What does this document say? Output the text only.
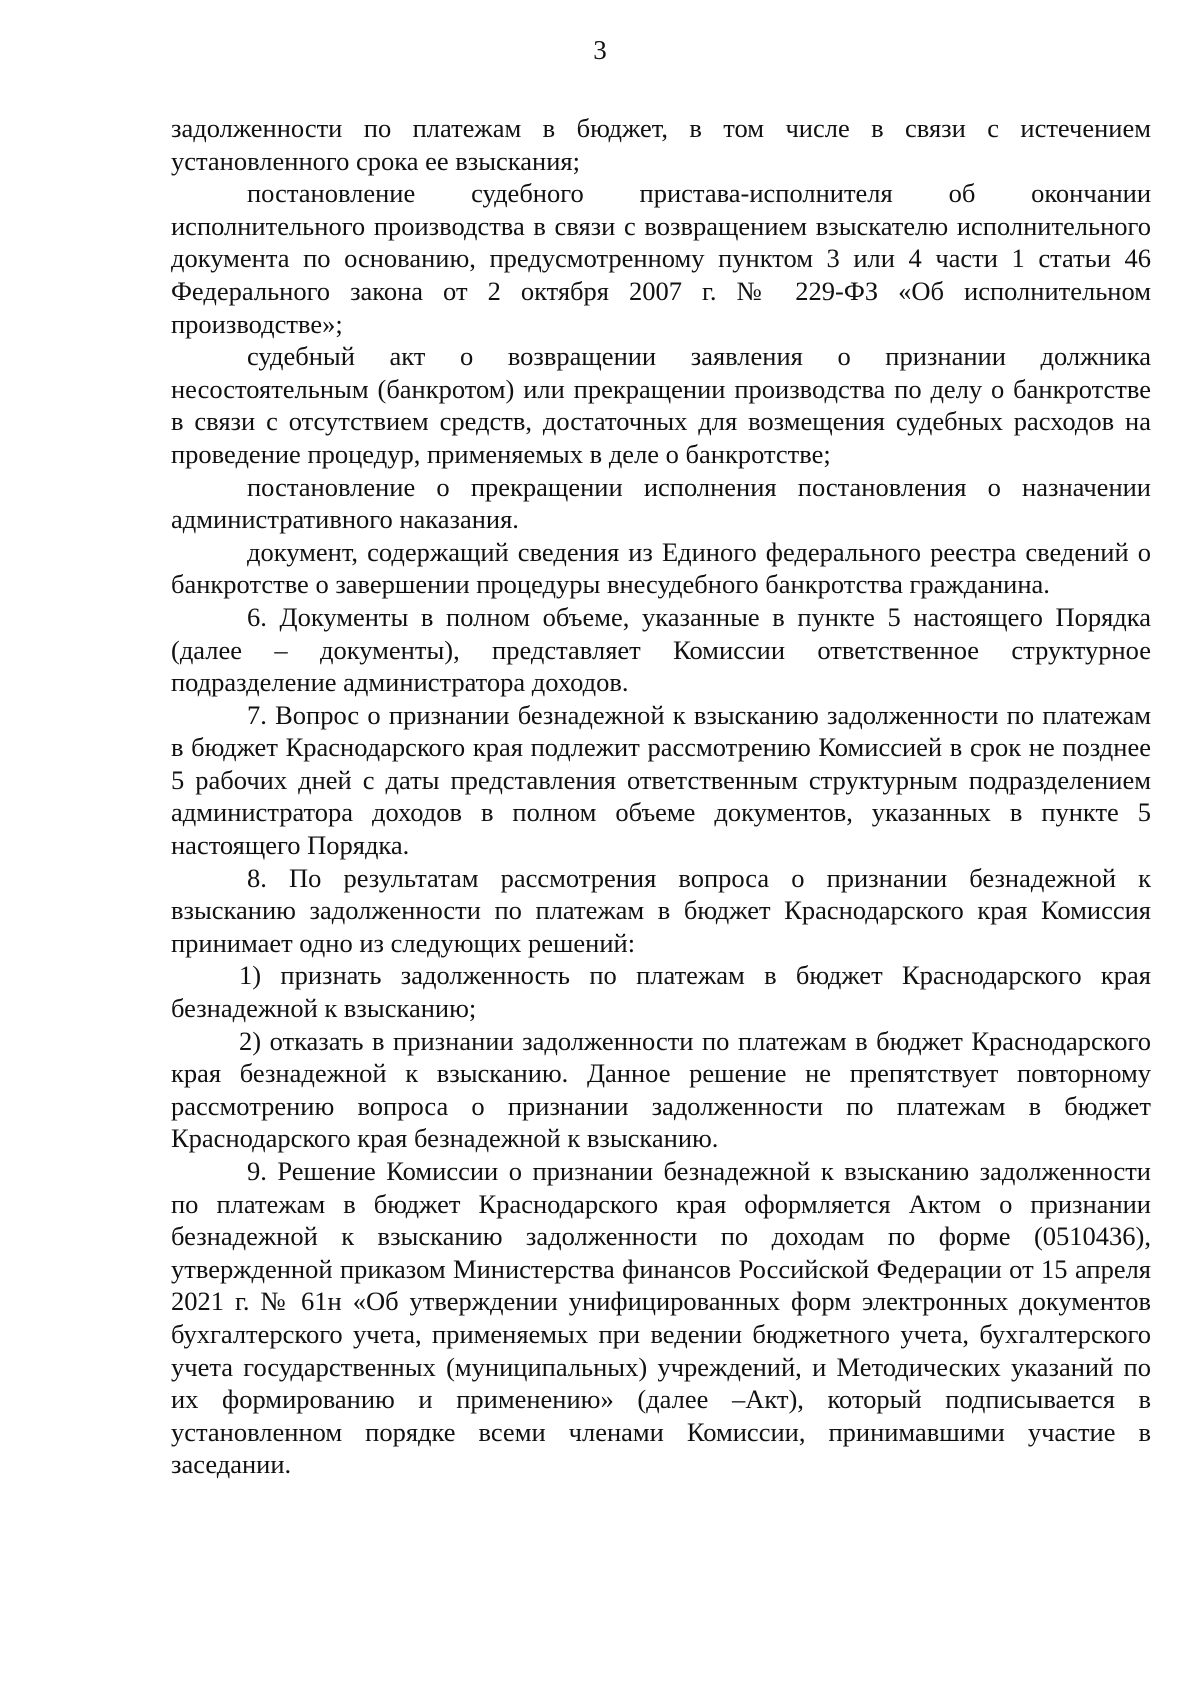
3

задолженности по платежам в бюджет, в том числе в связи с истечением установленного срока ее взыскания;

постановление судебного пристава-исполнителя об окончании исполнительного производства в связи с возвращением взыскателю исполнительного документа по основанию, предусмотренному пунктом 3 или 4 части 1 статьи 46 Федерального закона от 2 октября 2007 г. № 229-ФЗ «Об исполнительном производстве»;

судебный акт о возвращении заявления о признании должника несостоятельным (банкротом) или прекращении производства по делу о банкротстве в связи с отсутствием средств, достаточных для возмещения судебных расходов на проведение процедур, применяемых в деле о банкротстве;

постановление о прекращении исполнения постановления о назначении административного наказания.

документ, содержащий сведения из Единого федерального реестра сведений о банкротстве о завершении процедуры внесудебного банкротства гражданина.

6. Документы в полном объеме, указанные в пункте 5 настоящего Порядка (далее – документы), представляет Комиссии ответственное структурное подразделение администратора доходов.

7. Вопрос о признании безнадежной к взысканию задолженности по платежам в бюджет Краснодарского края подлежит рассмотрению Комиссией в срок не позднее 5 рабочих дней с даты представления ответственным структурным подразделением администратора доходов в полном объеме документов, указанных в пункте 5 настоящего Порядка.

8. По результатам рассмотрения вопроса о признании безнадежной к взысканию задолженности по платежам в бюджет Краснодарского края Комиссия принимает одно из следующих решений:

1) признать задолженность по платежам в бюджет Краснодарского края безнадежной к взысканию;

2) отказать в признании задолженности по платежам в бюджет Краснодарского края безнадежной к взысканию. Данное решение не препятствует повторному рассмотрению вопроса о признании задолженности по платежам в бюджет Краснодарского края безнадежной к взысканию.

9. Решение Комиссии о признании безнадежной к взысканию задолженности по платежам в бюджет Краснодарского края оформляется Актом о признании безнадежной к взысканию задолженности по доходам по форме (0510436), утвержденной приказом Министерства финансов Российской Федерации от 15 апреля 2021 г. № 61н «Об утверждении унифицированных форм электронных документов бухгалтерского учета, применяемых при ведении бюджетного учета, бухгалтерского учета государственных (муниципальных) учреждений, и Методических указаний по их формированию и применению» (далее –Акт), который подписывается в установленном порядке всеми членами Комиссии, принимавшими участие в заседании.
